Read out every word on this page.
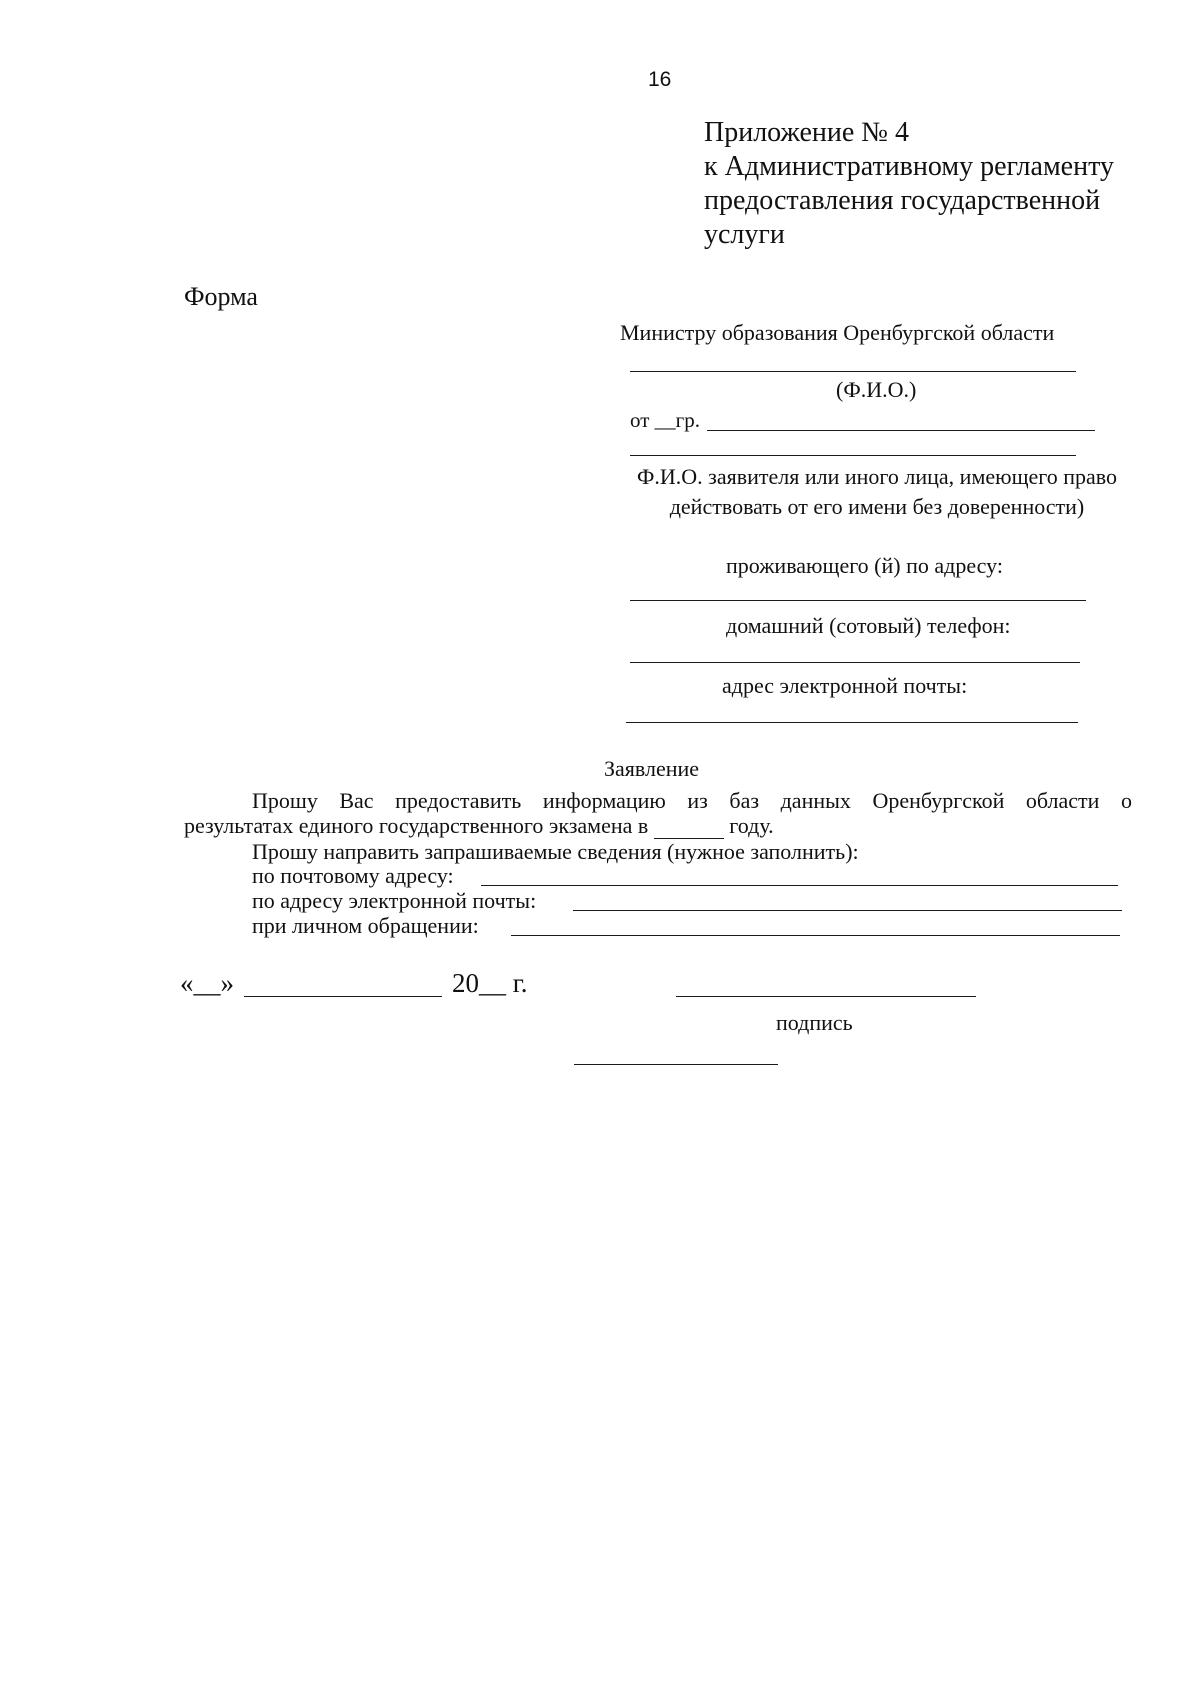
16
Приложение № 4
к Административному регламенту
предоставления государственной
услуги
Форма
Министру образования Оренбургской области
(Ф.И.О.)
от __гр.
Ф.И.О. заявителя или иного лица, имеющего право действовать от его имени без доверенности)
проживающего (й) по адресу:
домашний (сотовый) телефон:
адрес электронной почты:
Заявление
Прошу Вас предоставить информацию из баз данных Оренбургской области о
результатах единого государственного экзамена в	году.
Прошу направить запрашиваемые сведения (нужное заполнить):
по почтовому адресу:
по адресу электронной почты:
при личном обращении:
«__»	20__ г.
подпись
